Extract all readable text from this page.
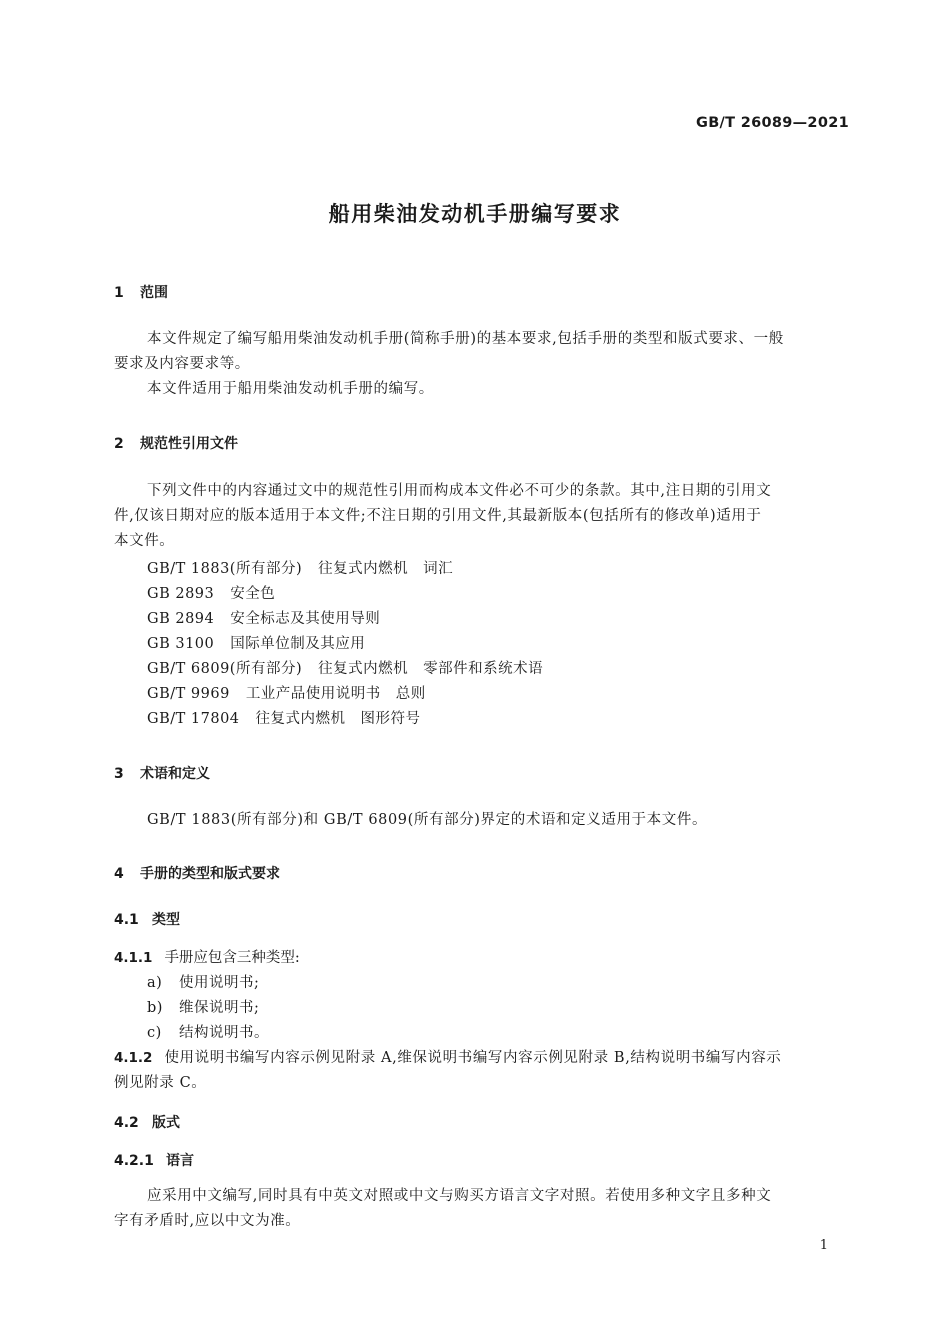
GB/T 26089—2021
船用柴油发动机手册编写要求
1 范围
本文件规定了编写船用柴油发动机手册(简称手册)的基本要求,包括手册的类型和版式要求、一般
要求及内容要求等。
本文件适用于船用柴油发动机手册的编写。
2 规范性引用文件
下列文件中的内容通过文中的规范性引用而构成本文件必不可少的条款。其中,注日期的引用文
件,仅该日期对应的版本适用于本文件;不注日期的引用文件,其最新版本(包括所有的修改单)适用于
本文件。
GB/T 1883(所有部分) 往复式内燃机　词汇
GB 2893 安全色
GB 2894 安全标志及其使用导则
GB 3100 国际单位制及其应用
GB/T 6809(所有部分) 往复式内燃机　零部件和系统术语
GB/T 9969 工业产品使用说明书　总则
GB/T 17804 往复式内燃机　图形符号
3 术语和定义
GB/T 1883(所有部分)和 GB/T 6809(所有部分)界定的术语和定义适用于本文件。
4 手册的类型和版式要求
4.1 类型
4.1.1 手册应包含三种类型:
a) 使用说明书;
b) 维保说明书;
c) 结构说明书。
4.1.2 使用说明书编写内容示例见附录 A,维保说明书编写内容示例见附录 B,结构说明书编写内容示
例见附录 C。
4.2 版式
4.2.1 语言
应采用中文编写,同时具有中英文对照或中文与购买方语言文字对照。若使用多种文字且多种文
字有矛盾时,应以中文为准。
1
